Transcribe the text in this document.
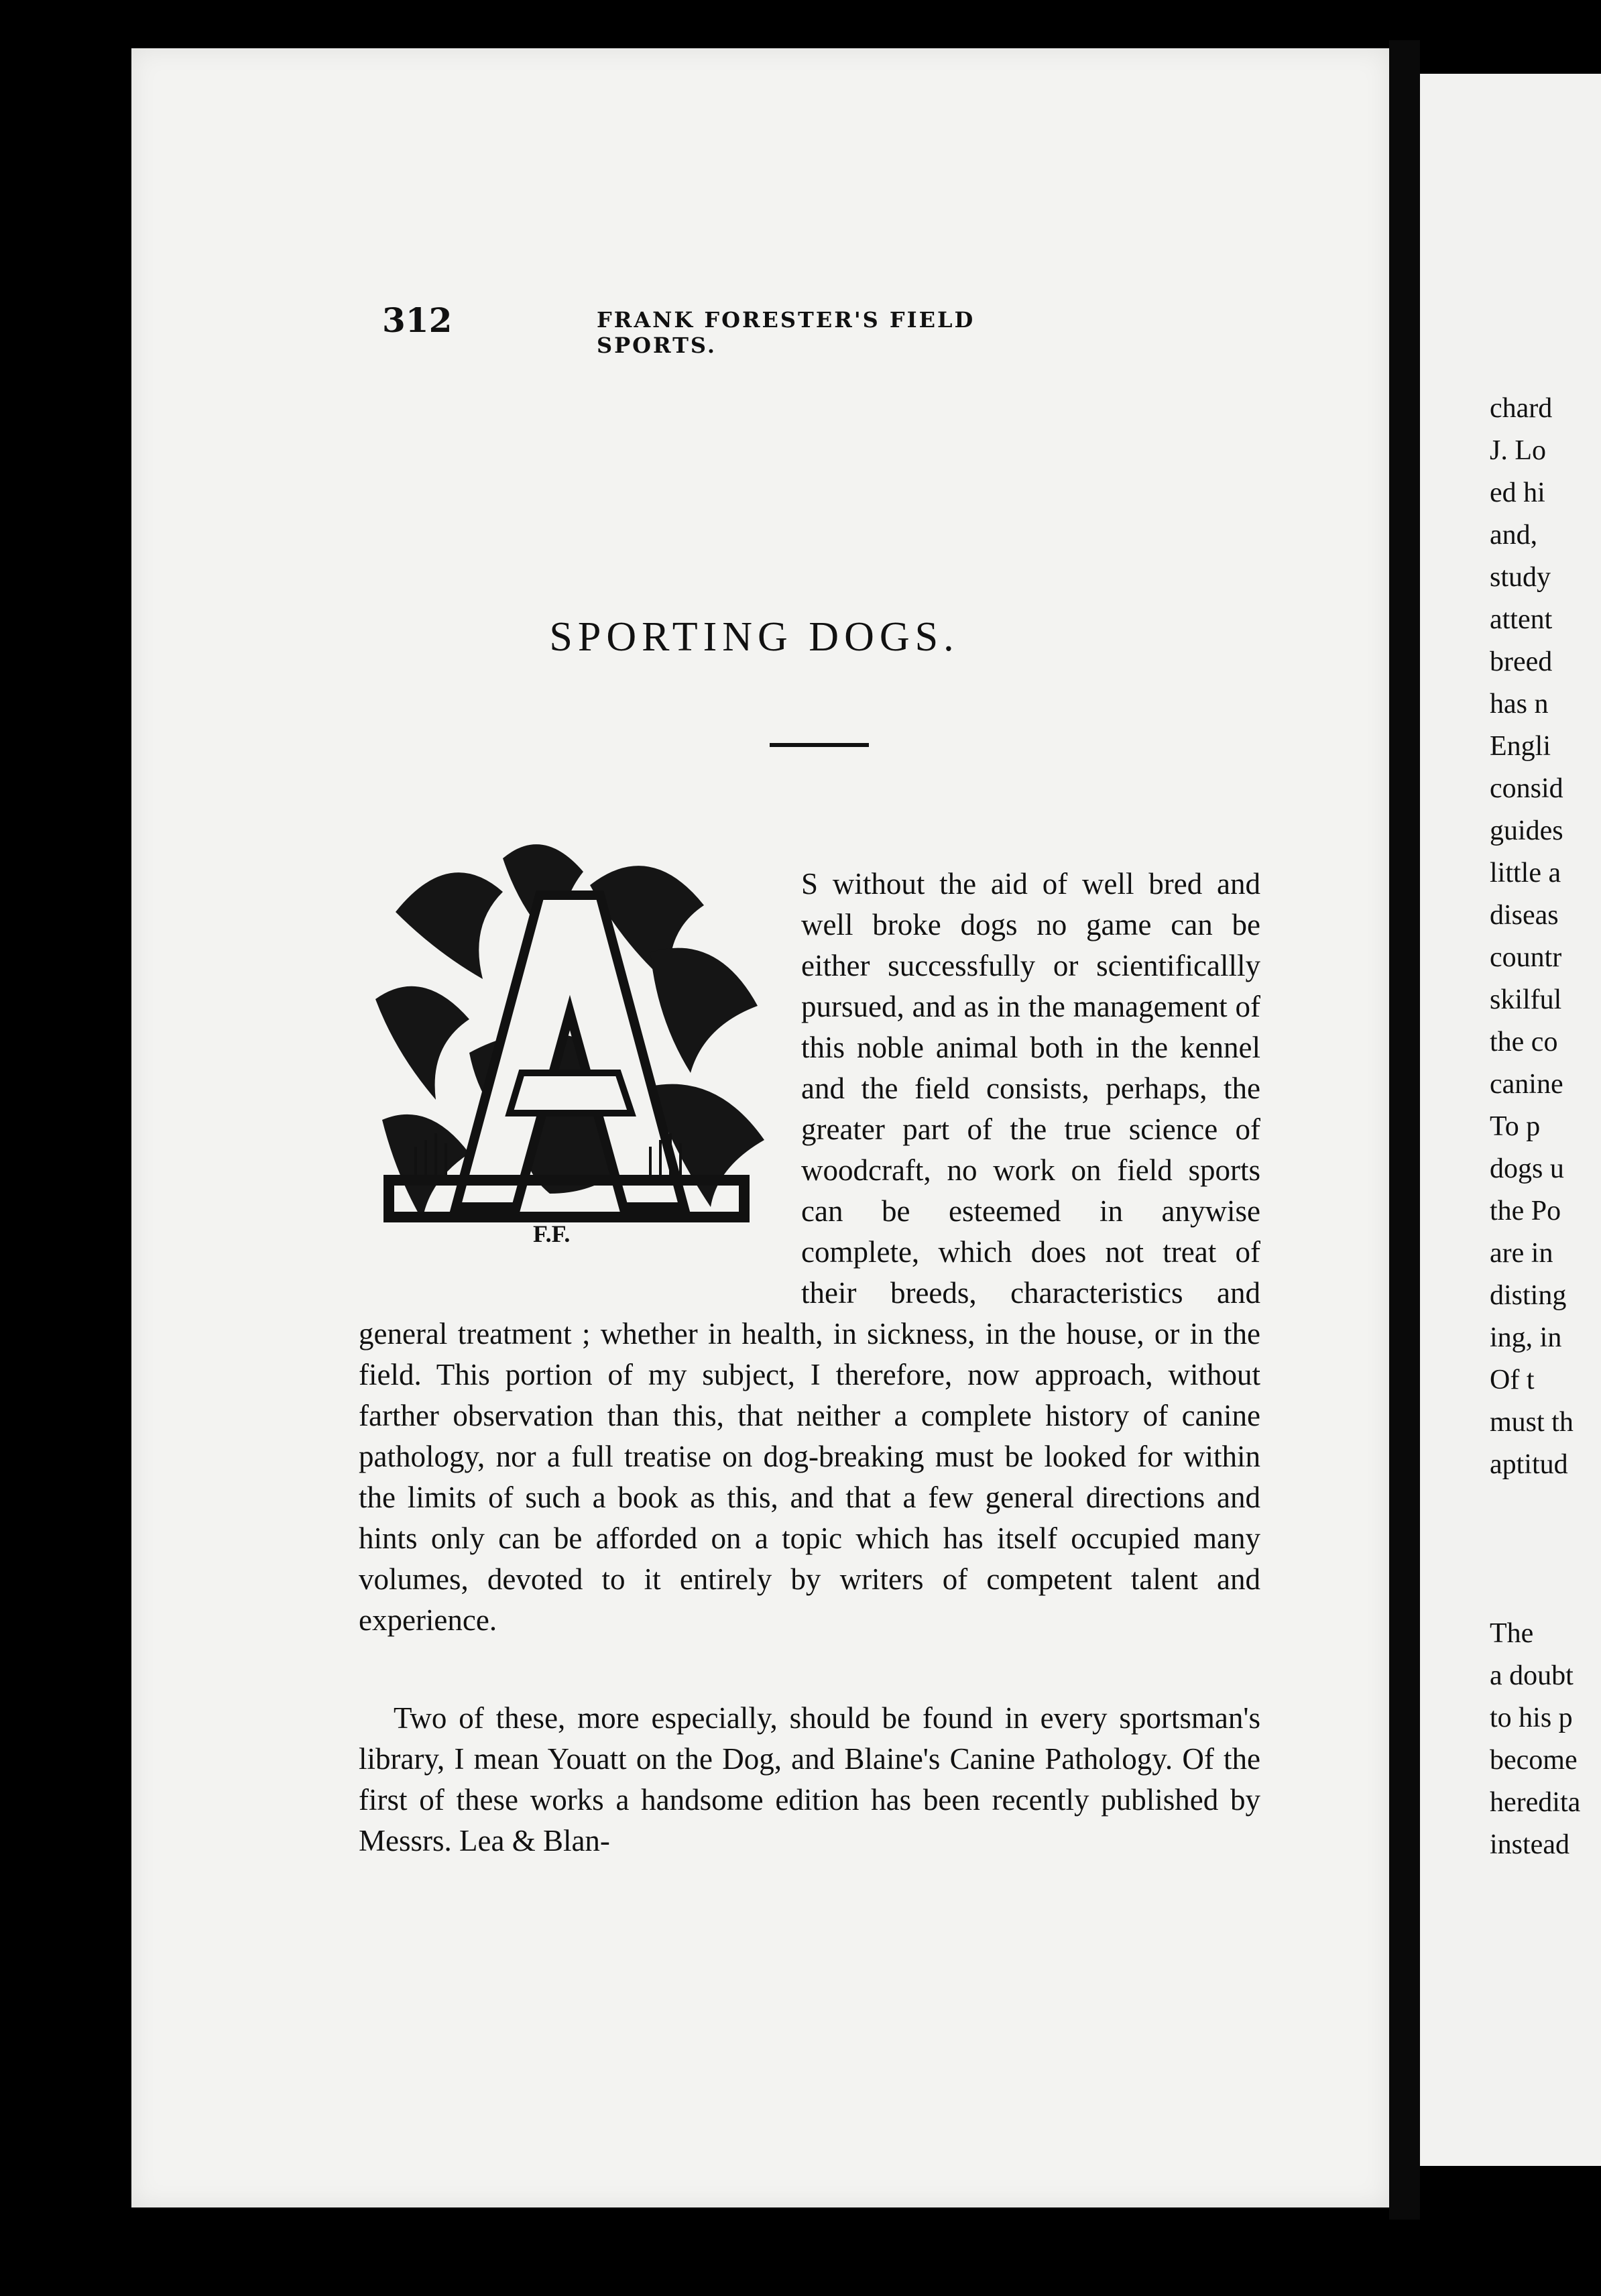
312	FRANK FORESTER'S FIELD SPORTS.
SPORTING DOGS.
F.F.
S without the aid of well bred and well broke dogs no game can be either successfully or scientificallly pursued, and as in the management of this noble animal both in the kennel and the field consists, perhaps, the greater part of the true science of woodcraft, no work on field sports can be esteemed in anywise complete, which does not treat of their breeds, characteristics and general treatment ; whether in health, in sickness, in the house, or in the field. This portion of my subject, I therefore, now approach, without farther observation than this, that neither a complete history of canine pathology, nor a full treatise on dog-breaking must be looked for within the limits of such a book as this, and that a few general directions and hints only can be afforded on a topic which has itself occupied many volumes, devoted to it entirely by writers of competent talent and experience.
Two of these, more especially, should be found in every sportsman's library, I mean Youatt on the Dog, and Blaine's Canine Pathology. Of the first of these works a handsome edition has been recently published by Messrs. Lea & Blan-
chard
J. Lo
ed hi
and,
study
attent
breed
has n
Engli
consid
guides
little a
diseas
countr
skilful
the co
canine
To p
dogs u
the Po
are in
disting
ing, in
Of t
must th
aptitud
The
a doubt
to his p
become
heredita
instead
